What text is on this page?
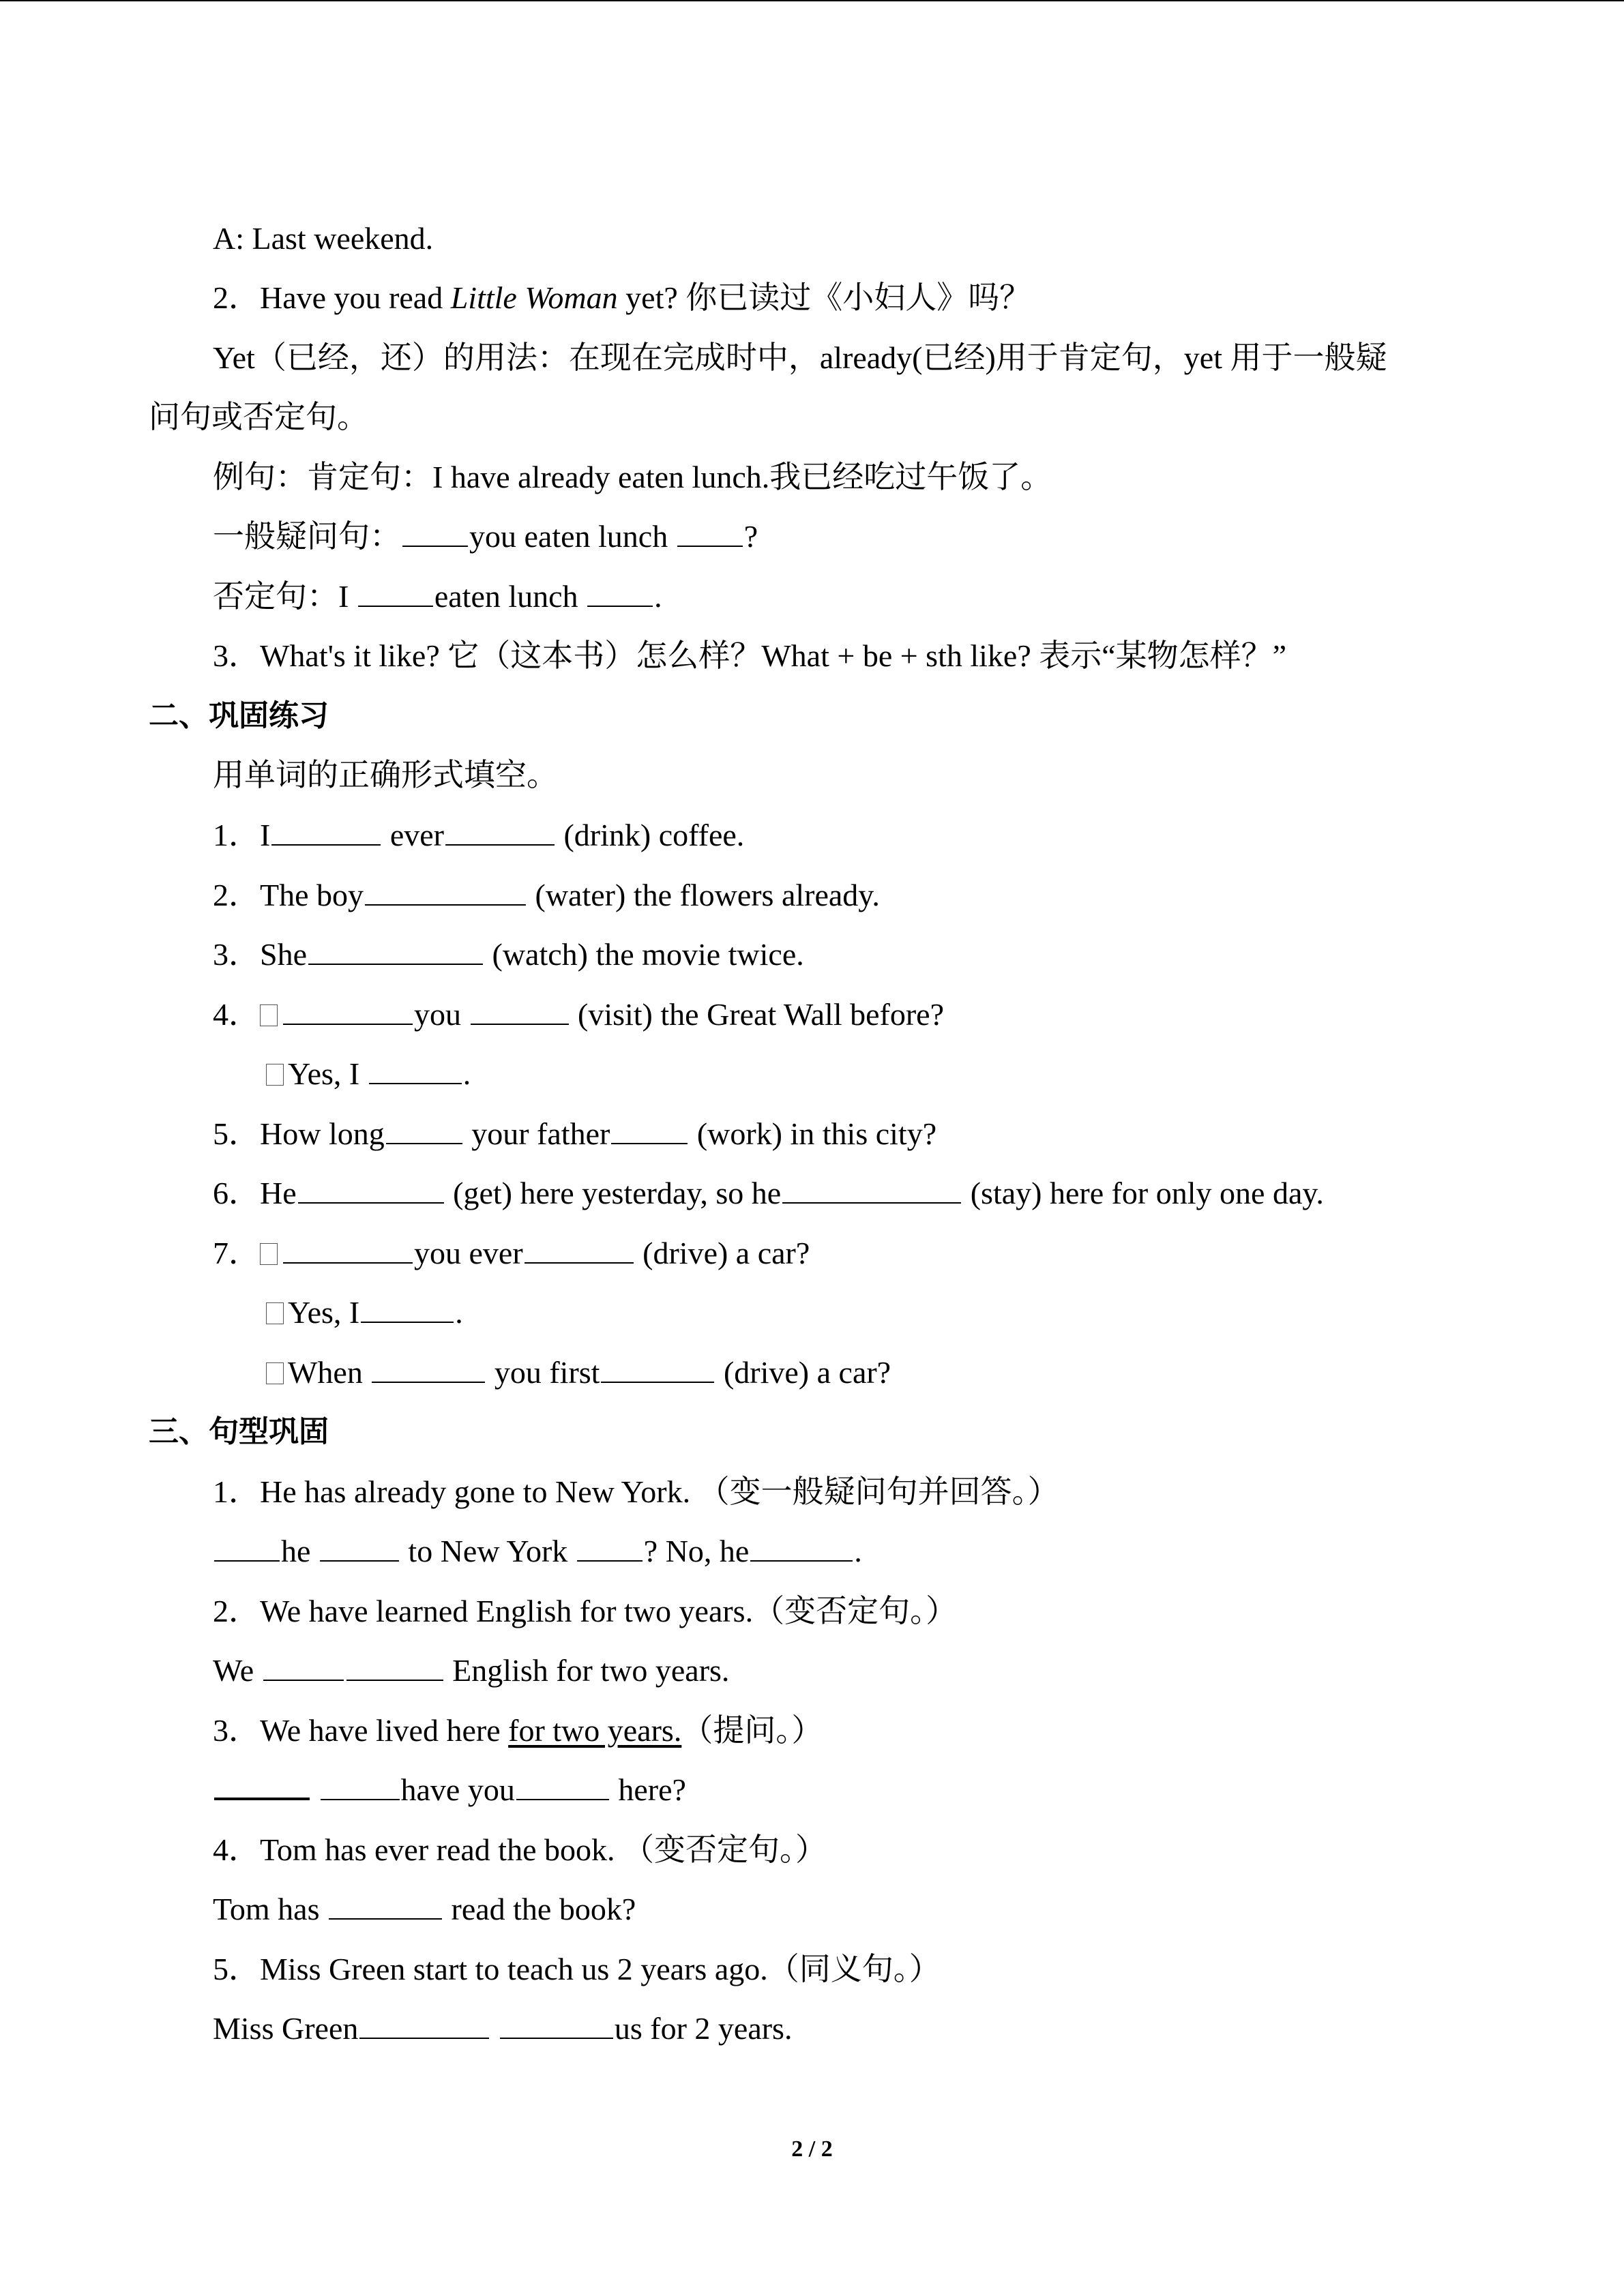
A: Last weekend.
2．Have you read Little Woman yet? 你已读过《小妇人》吗？
Yet（已经，还）的用法：在现在完成时中，already(已经)用于肯定句，yet 用于一般疑
问句或否定句。
例句：肯定句：I have already eaten lunch.我已经吃过午饭了。
一般疑问句： you eaten lunch ?
否定句：I eaten lunch .
3．What's it like? 它（这本书）怎么样？What + be + sth like? 表示“某物怎样？”
二、巩固练习
用单词的正确形式填空。
1．I	ever	(drink) coffee.
2．The boy	(water) the flowers already.
3．She	(watch) the movie twice.
4．	you	(visit) the Great Wall before?
Yes, I	.
5．How long	your father	(work) in this city?
6．He	(get) here yesterday, so he	(stay) here for only one day.
7．	you ever	(drive) a car?
Yes, I	.
When	you first	(drive) a car?
三、句型巩固
1．He has already gone to New York. （变一般疑问句并回答。）
he	to New York ? No, he	.
2．We have learned English for two years.（变否定句。）
We	English for two years.
3．We have lived here for two years.（提问。）
have you	here?
4．Tom has ever read the book. （变否定句。）
Tom has	read the book?
5．Miss Green start to teach us 2 years ago.（同义句。）
Miss Green	us for 2 years.
2 / 2
